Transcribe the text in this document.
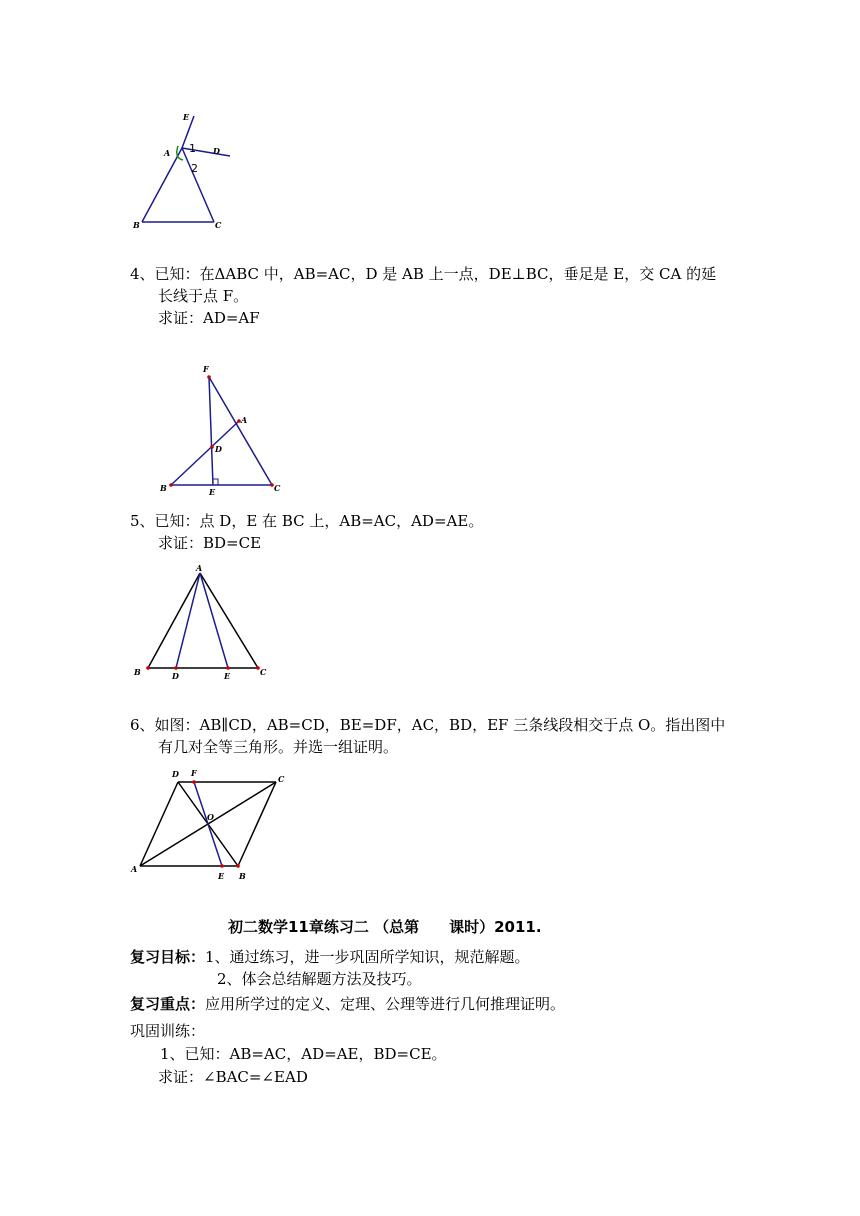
E
A	D
B	C
1
2
4、已知：在ΔABC 中，AB=AC，D 是 AB 上一点，DE⊥BC，垂足是 E，交 CA 的延
长线于点 F。
求证：AD=AF
F
A
D
B	E	C
5、已知：点 D，E 在 BC 上，AB=AC，AD=AE。
求证：BD=CE
A
B	D	E	C
6、如图：AB∥CD，AB=CD，BE=DF，AC，BD，EF 三条线段相交于点 O。指出图中
有几对全等三角形。并选一组证明。
D F
C
O
A
E B
初二数学11章练习二 （总第 课时）2011.
复习目标：1、通过练习，进一步巩固所学知识，规范解题。
2、体会总结解题方法及技巧。
复习重点：应用所学过的定义、定理、公理等进行几何推理证明。
巩固训练：
1、已知：AB=AC，AD=AE，BD=CE。
求证：∠BAC=∠EAD
